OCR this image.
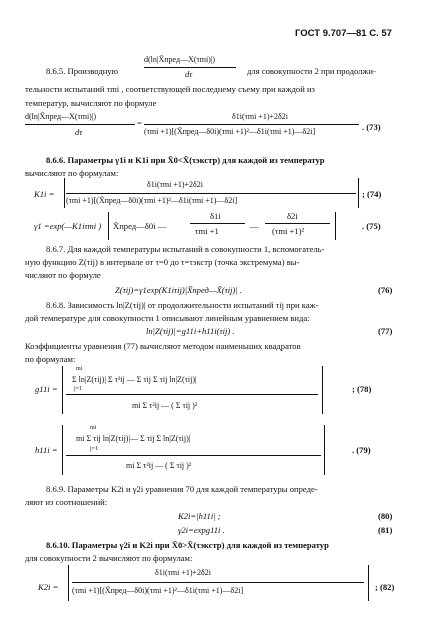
ГОСТ 9.707—81 С. 57
8.6.5. Производную
d(ln|X̄пред—X(τmi)|)
dτ	для совокупности 2 при продолжи-
тельности испытаний τmi , соответствующей последнему съему при каждой из
температур, вычисляют по формуле
d(ln|X̄пред—X(τmi)|)
dτ
=
δ1i(τmi +1)+2δ2i
(τmi +1)[(X̄пред—δ0i)(τmi +1)²—δ1i(τmi +1)—δ2i]	. (73)
8.6.6. Параметры γ1i и K1i при X̄0<X̄(τэкстр) для каждой из температур
вычисляют по формулам:
K1i =
δ1i(τmi +1)+2δ2i
(τmi +1)[(X̄пред—δ0i)(τmi +1)²—δ1i(τmi +1)—δ2i]
; (74)
γ1 =exp(—K1iτmi ) X̄пред—δ0i —
δ1i
τmi +1	—
δ2i
(τmi +1)²	. (75)
8.6.7. Для каждой температуры испытаний в совокупности 1, вспомогатель-
ную функцию Z(τij) в интервале от τ=0 до τ=τэкстр (точка экстремума) вы-
числяют по формуле
Z(τij)=γ1exp(K1iτij)|X̄пред—X̄(τij)| .	(76)
8.6.8. Зависимость ln|Z(τij)| от продолжительности испытаний τij при каж-
дой температуре для совокупности 1 описывают линейным уравнением вида:
ln|Z(τij)|=g11i+h11i(τij) .	(77)
Коэффициенты уравнения (77) вычисляют методом наименьших квадратов
по формулам:
g11i =
mi
Σ ln|Z(τij)| Σ τ²ij — Σ τij Σ τij ln|Z(τij)|
j=1
mi Σ τ²ij — ( Σ τij )²
; (78)
h11i =
mi
mi Σ τij ln|Z(τij)|— Σ τij Σ ln|Z(τij)|
j=1
mi Σ τ²ij — ( Σ τij )²
. (79)
8.6.9. Параметры K2i и γ2i уравнения 70 для каждой температуры опреде-
ляют из соотношений:
K2i=|h11i| ;	(80)
γ2i=expg11i .	(81)
8.6.10. Параметры γ2i и K2i при X̄0>X̄(τэкстр) для каждой из температур
для совокупности 2 вычисляют по формулам:
K2i =
δ1i(τmi +1)+2δ2i
(τmi +1)[(X̄пред—δ0i)(τmi +1)²—δ1i(τmi +1)—δ2i]	; (82)
